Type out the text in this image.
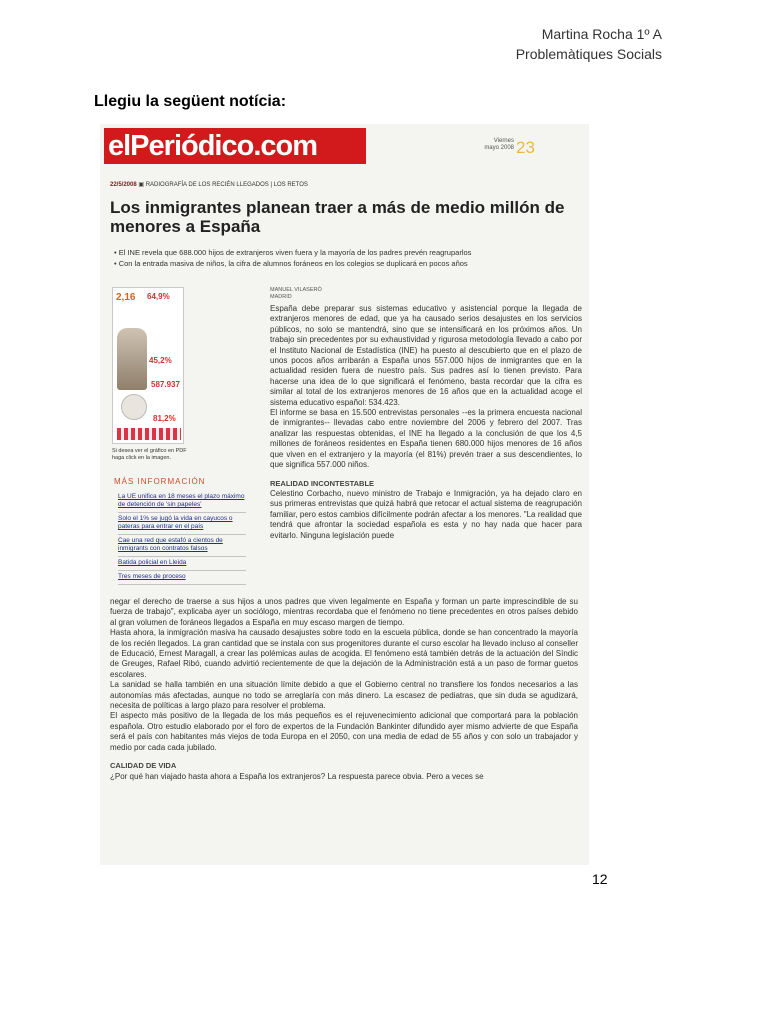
Martina Rocha 1º A
Problemàtiques Socials
Llegiu la següent notícia:
elPeriódico.com	Viernes
mayo 2008 23
22/5/2008 ▣ RADIOGRAFÍA DE LOS RECIÉN LLEGADOS | LOS RETOS
Los inmigrantes planean traer a más de medio millón de menores a España
• El INE revela que 688.000 hijos de extranjeros viven fuera y la mayoría de los padres prevén reagruparlos
• Con la entrada masiva de niños, la cifra de alumnos foráneos en los colegios se duplicará en pocos años
2,16 64,9%
45,2%
587.937
81,2%
Si desea ver el gráfico en PDF haga click en la imagen.
MÁS INFORMACIÓN
La UE unifica en 18 meses el plazo máximo de detención de 'sin papeles'
Solo el 1% se jugó la vida en cayucos o pateras para entrar en el país
Cae una red que estafó a cientos de inmigrants con contratos falsos
Batida policial en Lleida
Tres meses de proceso
MANUEL VILASERÓ
MADRID

España debe preparar sus sistemas educativo y asistencial porque la llegada de extranjeros menores de edad, que ya ha causado serios desajustes en los servicios públicos, no solo se mantendrá, sino que se intensificará en los próximos años. Un trabajo sin precedentes por su exhaustividad y rigurosa metodología llevado a cabo por el Instituto Nacional de Estadística (INE) ha puesto al descubierto que en el plazo de unos pocos años arribarán a España unos 557.000 hijos de inmigrantes que en la actualidad residen fuera de nuestro país. Sus padres así lo tienen previsto. Para hacerse una idea de lo que significará el fenómeno, basta recordar que la cifra es similar al total de los extranjeros menores de 16 años que en la actualidad acoge el sistema educativo español: 534.423.

El informe se basa en 15.500 entrevistas personales --es la primera encuesta nacional de inmigrantes-- llevadas cabo entre noviembre del 2006 y febrero del 2007. Tras analizar las respuestas obtenidas, el INE ha llegado a la conclusión de que los 4,5 millones de foráneos residentes en España tienen 680.000 hijos menores de 16 años que viven en el extranjero y la mayoría (el 81%) prevén traer a sus descendientes, lo que significa 557.000 niños.

REALIDAD INCONTESTABLE

Celestino Corbacho, nuevo ministro de Trabajo e Inmigración, ya ha dejado claro en sus primeras entrevistas que quizá habrá que retocar el actual sistema de reagrupación familiar, pero estos cambios difícilmente podrán afectar a los menores. "La realidad que tendrá que afrontar la sociedad española es esta y no hay nada que hacer para evitarlo. Ninguna legislación puede

negar el derecho de traerse a sus hijos a unos padres que viven legalmente en España y forman un parte imprescindible de su fuerza de trabajo", explicaba ayer un sociólogo, mientras recordaba que el fenómeno no tiene precedentes en otros países debido al gran volumen de foráneos llegados a España en muy escaso margen de tiempo.

Hasta ahora, la inmigración masiva ha causado desajustes sobre todo en la escuela pública, donde se han concentrado la mayoría de los recién llegados. La gran cantidad que se instala con sus progenitores durante el curso escolar ha llevado incluso al conseller de Educació, Ernest Maragall, a crear las polémicas aulas de acogida. El fenómeno está también detrás de la actuación del Síndic de Greuges, Rafael Ribó, cuando advirtió recientemente de que la dejación de la Administración está a un paso de formar guetos escolares.

La sanidad se halla también en una situación límite debido a que el Gobierno central no transfiere los fondos necesarios a las autonomías más afectadas, aunque no todo se arreglaría con más dinero. La escasez de pediatras, que sin duda se agudizará, necesita de políticas a largo plazo para resolver el problema.

El aspecto más positivo de la llegada de los más pequeños es el rejuvenecimiento adicional que comportará para la población española. Otro estudio elaborado por el foro de expertos de la Fundación Bankinter difundido ayer mismo advierte de que España será el país con habitantes más viejos de toda Europa en el 2050, con una media de edad de 55 años y con solo un trabajador y medio por cada cada jubilado.

CALIDAD DE VIDA

¿Por qué han viajado hasta ahora a España los extranjeros? La respuesta parece obvia. Pero a veces se

12
